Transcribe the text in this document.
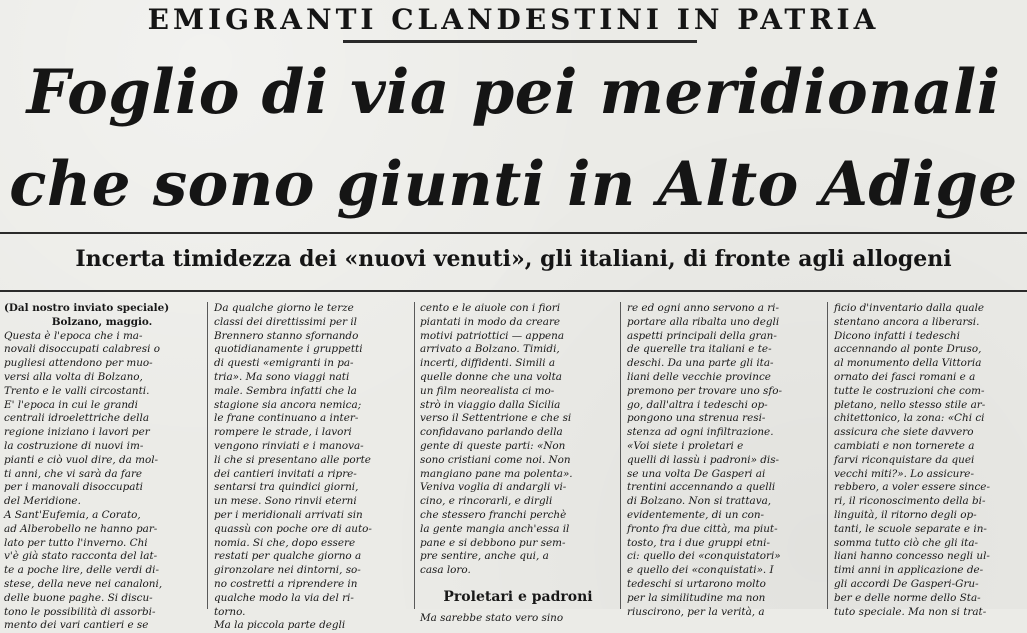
EMIGRANTI CLANDESTINI IN PATRIA
Foglio di via pei meridionali
che sono giunti in Alto Adige
Incerta timidezza dei «nuovi venuti», gli italiani, di fronte agli allogeni

(Dal nostro inviato speciale)

Bolzano, maggio.

Questa è l'epoca che i ma-

novali disoccupati calabresi o

pugliesi attendono per muo-

versi alla volta di Bolzano,

Trento e le valli circostanti.

E' l'epoca in cui le grandi

centrali idroelettriche della

regione iniziano i lavori per

la costruzione di nuovi im-

pianti e ciò vuol dire, da mol-

ti anni, che vi sarà da fare

per i manovali disoccupati

del Meridione.

A Sant'Eufemia, a Corato,

ad Alberobello ne hanno par-

lato per tutto l'inverno. Chi

v'è già stato racconta del lat-

te a poche lire, delle verdi di-

stese, della neve nei canaloni,

delle buone paghe. Si discu-

tono le possibilità di assorbi-

mento dei vari cantieri e se

Da qualche giorno le terze

classi dei direttissimi per il

Brennero stanno sfornando

quotidianamente i gruppetti

di questi «emigranti in pa-

tria». Ma sono viaggi nati

male. Sembra infatti che la

stagione sia ancora nemica;

le frane continuano a inter-

rompere le strade, i lavori

vengono rinviati e i manova-

li che si presentano alle porte

dei cantieri invitati a ripre-

sentarsi tra quindici giorni,

un mese. Sono rinvii eterni

per i meridionali arrivati sin

quassù con poche ore di auto-

nomia. Si che, dopo essere

restati per qualche giorno a

gironzolare nei dintorni, so-

no costretti a riprendere in

qualche modo la via del ri-

torno.

Ma la piccola parte degli

cento e le aiuole con i fiori

piantati in modo da creare

motivi patriottici — appena

arrivato a Bolzano. Timidi,

incerti, diffidenti. Simili a

quelle donne che una volta

un film neorealista ci mo-

strò in viaggio dalla Sicilia

verso il Settentrione e che si

confidavano parlando della

gente di queste parti: «Non

sono cristiani come noi. Non

mangiano pane ma polenta».

Veniva voglia di andargli vi-

cino, e rincorarli, e dirgli

che stessero franchi perchè

la gente mangia anch'essa il

pane e si debbono pur sem-

pre sentire, anche qui, a

casa loro.

Proletari e padroni

Ma sarebbe stato vero sino

re ed ogni anno servono a ri-

portare alla ribalta uno degli

aspetti principali della gran-

de querelle tra italiani e te-

deschi. Da una parte gli ita-

liani delle vecchie province

premono per trovare uno sfo-

go, dall'altra i tedeschi op-

pongono una strenua resi-

stenza ad ogni infiltrazione.

«Voi siete i proletari e

quelli di lassù i padroni» dis-

se una volta De Gasperi ai

trentini accennando a quelli

di Bolzano. Non si trattava,

evidentemente, di un con-

fronto fra due città, ma piut-

tosto, tra i due gruppi etni-

ci: quello dei «conquistatori»

e quello dei «conquistati». I

tedeschi si urtarono molto

per la similitudine ma non

riuscirono, per la verità, a

ficio d'inventario dalla quale

stentano ancora a liberarsi.

Dicono infatti i tedeschi

accennando al ponte Druso,

al monumento della Vittoria

ornato dei fasci romani e a

tutte le costruzioni che com-

pletano, nello stesso stile ar-

chitettonico, la zona: «Chi ci

assicura che siete davvero

cambiati e non tornerete a

farvi riconquistare da quei

vecchi miti?». Lo assicure-

rebbero, a voler essere since-

ri, il riconoscimento della bi-

linguità, il ritorno degli op-

tanti, le scuole separate e in-

somma tutto ciò che gli ita-

liani hanno concesso negli ul-

timi anni in applicazione de-

gli accordi De Gasperi-Gru-

ber e delle norme dello Sta-

tuto speciale. Ma non si trat-
